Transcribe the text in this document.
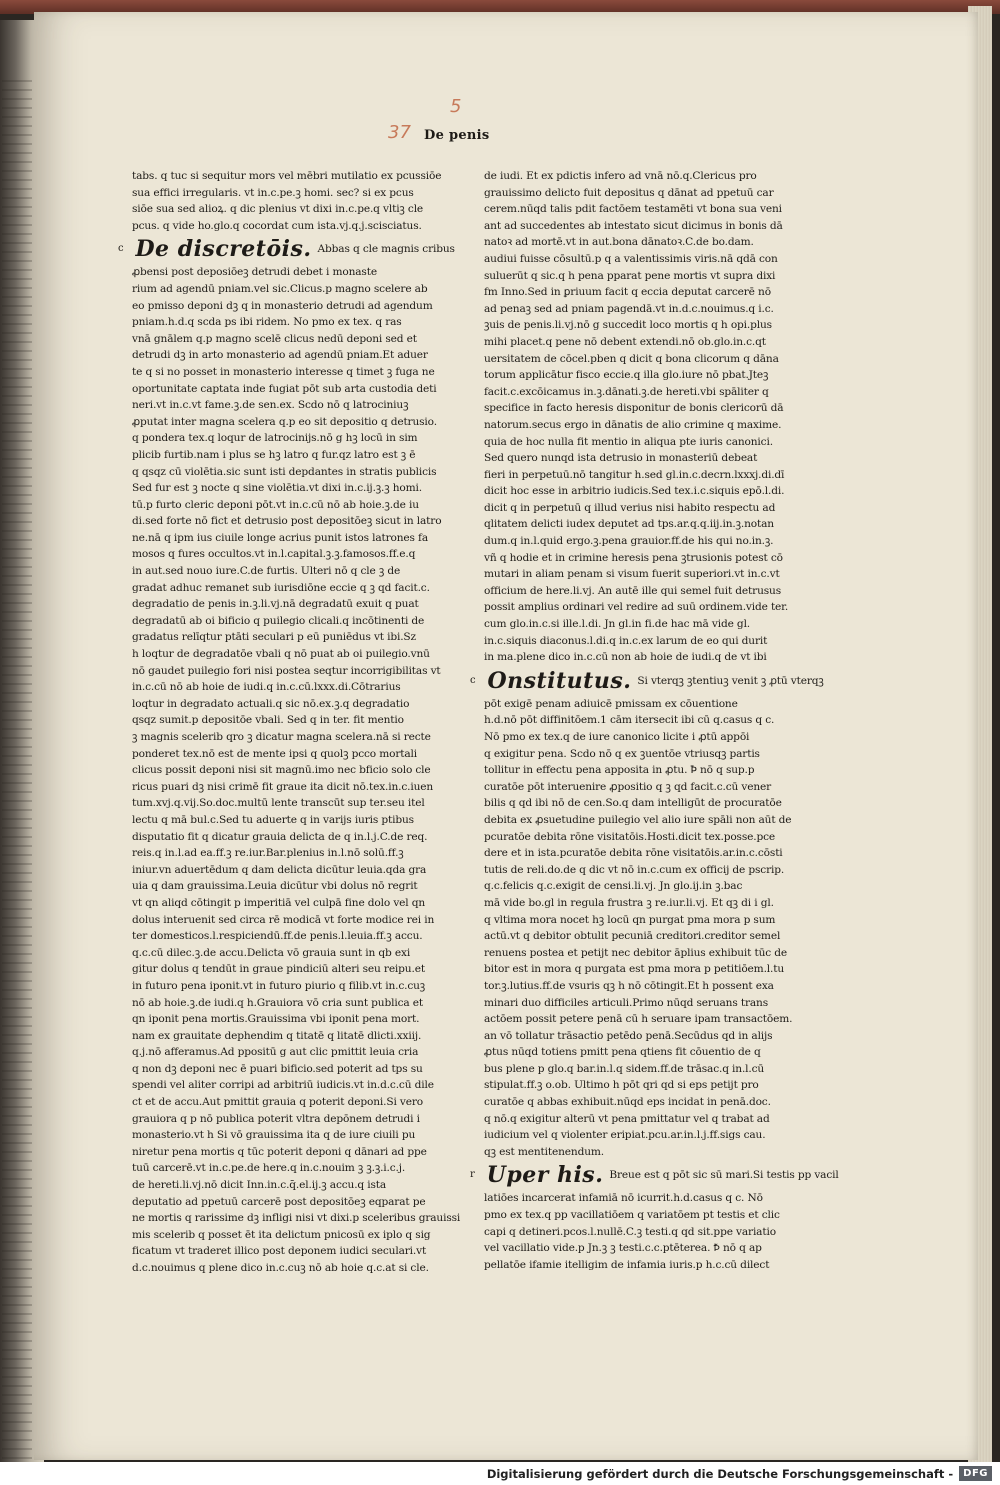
37
5
De penis
tabs. q tuc si sequitur mors vel mēbri mutilatio ex pcussiōe
sua effici irregularis. vt in.c.pe.ꝫ homi. sec? si ex pcus
siōe sua sed alioꝝ. q dic plenius vt dixi in.c.pe.q vltiꝫ cle
pcus. q vide ho.glo.q cocordat cum ista.vj.q.j.scisciatus.
c De discretōis. Abbas q cle magnis cribus
ꝓbensi post deposiōeꝫ detrudi debet i monaste
rium ad agendū pniam.vel sic.Clicus.p magno scelere ab
eo pmisso deponi dꝫ q in monasterio detrudi ad agendum
pniam.h.d.q scda ps ibi ridem. No pmo ex tex. q ras
vnā gnālem q.p magno scelē clicus nedū deponi sed et
detrudi dꝫ in arto monasterio ad agendū pniam.Et aduer
te q si no posset in monasterio interesse q timet ꝫ fuga ne
oportunitate captata inde fugiat pōt sub arta custodia deti
neri.vt in.c.vt fame.ꝫ.de sen.ex. Scdo nō q latrociniuꝫ
ꝓputat inter magna scelera q.p eo sit depositio q detrusio.
q pondera tex.q loqur de latrocinijs.nō g hꝫ locū in sim
plicib furtib.nam i plus se hꝫ latro q fur.qz latro est ꝫ ē
q qsqz cū violētia.sic sunt isti depdantes in stratis publicis
Sed fur est ꝫ nocte q sine violētia.vt dixi in.c.ij.ꝫ.ꝫ homi.
tū.p furto cleric deponi pōt.vt in.c.cū nō ab hoie.ꝫ.de iu
di.sed forte nō fict et detrusio post depositōeꝫ sicut in latro
ne.nā q ipm ius ciuile longe acrius punit istos latrones fa
mosos q fures occultos.vt in.l.capital.ꝫ.ꝫ.famosos.ff.e.q
in aut.sed nouo iure.C.de furtis. Ulteri nō q cle ꝫ de
gradat adhuc remanet sub iurisdiōne eccie q ꝫ qd facit.c.
degradatio de penis in.ꝫ.li.vj.nā degradatū exuit q puat
degradatū ab oi bificio q puilegio clicali.q incōtinenti de
gradatus relīqtur ptāti seculari p eū puniēdus vt ibi.Sz
h loqtur de degradatōe vbali q nō puat ab oi puilegio.vnū
nō gaudet puilegio fori nisi postea seqtur incorrigibilitas vt
in.c.cū nō ab hoie de iudi.q in.c.cū.lxxx.di.Cōtrarius
loqtur in degradato actuali.q sic nō.ex.ꝫ.q degradatio
qsqz sumit.p depositōe vbali. Sed q in ter. fit mentio
ꝫ magnis scelerib qro ꝫ dicatur magna scelera.nā si recte
ponderet tex.nō est de mente ipsi q quolꝫ pcco mortali
clicus possit deponi nisi sit magnū.imo nec bficio solo cle
ricus puari dꝫ nisi crimē fit graue ita dicit nō.tex.in.c.iuen
tum.xvj.q.vij.So.doc.multū lente transcūt sup ter.seu itel
lectu q mā bul.c.Sed tu aduerte q in varijs iuris ptibus
disputatio fit q dicatur grauia delicta de q in.l.j.C.de req.
reis.q in.l.ad ea.ff.ꝫ re.iur.Bar.plenius in.l.nō solū.ff.ꝫ
iniur.vn aduertēdum q dam delicta dicūtur leuia.qda gra
uia q dam grauissima.Leuia dicūtur vbi dolus nō regrit
vt qn aliqd cōtingit p imperitiā vel culpā fine dolo vel qn
dolus interuenit sed circa rē modicā vt forte modice rei in
ter domesticos.l.respiciendū.ff.de penis.l.leuia.ff.ꝫ accu.
q.c.cū dilec.ꝫ.de accu.Delicta vō grauia sunt in qb exi
gitur dolus q tendūt in graue pindiciū alteri seu reipu.et
in futuro pena iponit.vt in futuro piurio q filib.vt in.c.cuꝫ
nō ab hoie.ꝫ.de iudi.q h.Grauiora vō cria sunt publica et
qn iponit pena mortis.Grauissima vbi iponit pena mort.
nam ex grauitate dephendim q titatē q litatē dlicti.xxiij.
q.j.nō afferamus.Ad ppositū g aut clic pmittit leuia cria
q non dꝫ deponi nec ē puari bificio.sed poterit ad tps su
spendi vel aliter corripi ad arbitriū iudicis.vt in.d.c.cū dile
ct et de accu.Aut pmittit grauia q poterit deponi.Si vero
grauiora q p nō publica poterit vltra depōnem detrudi i
monasterio.vt h Si vō grauissima ita q de iure ciuili pu
niretur pena mortis q tūc poterit deponi q dānari ad ppe
tuū carcerē.vt in.c.pe.de here.q in.c.nouim ꝫ ꝫ.ꝫ.i.c.j.
de hereti.li.vj.nō dicit Inn.in.c.q̄.el.ij.ꝫ accu.q ista
deputatio ad ppetuū carcerē post depositōeꝫ eqparat pe
ne mortis q rarissime dꝫ infligi nisi vt dixi.p sceleribus grauissi
mis scelerib q posset ēt ita delictum pnicosū ex iplo q sig
ficatum vt traderet illico post deponem iudici seculari.vt
d.c.nouimus q plene dico in.c.cuꝫ nō ab hoie q.c.at si cle.
de iudi. Et ex pdictis infero ad vnā nō.q.Clericus pro
grauissimo delicto fuit depositus q dānat ad ppetuū car
cerem.nūqd talis pdit factōem testamēti vt bona sua veni
ant ad succedentes ab intestato sicut dicimus in bonis dā
natoꝛ ad mortē.vt in aut.bona dānatoꝛ.C.de bo.dam.
audiui fuisse cōsultū.p q a valentissimis viris.nā qdā con
suluerūt q sic.q h pena pparat pene mortis vt supra dixi
fm Inno.Sed in ꝑriuum facit q eccia deputat carcerē nō
ad penaꝫ sed ad pniam pagendā.vt in.d.c.nouimus.q i.c.
ꝫuis de penis.li.vj.nō g succedit loco mortis q h opi.plus
mihi placet.q pene nō debent extendi.nō ob.glo.in.c.qt
uersitatem de cōcel.pben q dicit q bona clicorum q dāna
torum applicātur fisco eccie.q illa glo.iure nō pbat.Jteꝫ
facit.c.excōicamus in.ꝫ.dānati.ꝫ.de hereti.vbi spāliter q
specifice in facto heresis disponitur de bonis clericorū dā
natorum.secus ergo in dānatis de alio crimine q maxime.
quia de hoc nulla fit mentio in aliqua pte iuris canonici.
Sed quero nunqd ista detrusio in monasteriū debeat
fieri in perpetuū.nō tangitur h.sed gl.in.c.decrn.lxxxj.di.dī
dicit hoc esse in arbitrio iudicis.Sed tex.i.c.siquis epō.l.di.
dicit q in perpetuū q illud verius nisi habito respectu ad
qlitatem delicti iudex deputet ad tps.ar.q.q.iij.in.ꝫ.notan
dum.q in.l.quid ergo.ꝫ.pena grauior.ff.de his qui no.in.ꝫ.
vñ q hodie et in crimine heresis pena ꝫtrusionis potest cō
mutari in aliam penam si visum fuerit superiori.vt in.c.vt
officium de here.li.vj. An autē ille qui semel fuit detrusus
possit amplius ordinari vel redire ad suū ordinem.vide ter.
cum glo.in.c.si ille.l.di. Jn gl.in fi.de hac mā vide gl.
in.c.siquis diaconus.l.di.q in.c.ex larum de eo qui durit
in ma.plene dico in.c.cū non ab hoie de iudi.q de vt ibi
c Onstitutus. Si vterqꝫ ꝫtentiuꝫ venit ꝫ ꝓtū vterqꝫ
pōt exigē penam adiuicē pmissam ex cōuentione
h.d.nō pōt diffinitōem.1 cām itersecit ibi cū q.casus q c.
Nō pmo ex tex.q de iure canonico licite i ꝓtū appōi
q exigitur pena. Scdo nō q ex ꝫuentōe vtriusqꝫ partis
tollitur in effectu pena apposita in ꝓtu. Ꝥ nō q sup.p
curatōe pōt interuenire ꝓpositio q ꝫ qd facit.c.cū vener
bilis q qd ibi nō de cen.So.q dam intelligūt de procuratōe
debita ex ꝓsuetudine puilegio vel alio iure spāli non aūt de
pcuratōe debita rōne visitatōis.Hosti.dicit tex.posse.pce
dere et in ista.pcuratōe debita rōne visitatōis.ar.in.c.cōsti
tutis de reli.do.de q dic vt nō in.c.cum ex officij de pscrip.
q.c.felicis q.c.exigit de censi.li.vj. Jn glo.ij.in ꝫ.bac
mā vide bo.gl in regula frustra ꝫ re.iur.li.vj. Et qꝫ di i gl.
q vltima mora nocet hꝫ locū qn purgat pma mora p sum
actū.vt q debitor obtulit pecuniā creditori.creditor semel
renuens postea et petijt nec debitor āplius exhibuit tūc de
bitor est in mora q purgata est pma mora p petitiōem.l.tu
tor.ꝫ.lutius.ff.de vsuris qꝫ h nō cōtingit.Et h possent exa
minari duo difficiles articuli.Primo nūqd seruans trans
actōem possit petere penā cū h seruare ipam transactōem.
an vō tollatur trāsactio petēdo penā.Secūdus qd in alijs
ꝓtus nūqd totiens pmitt pena qtiens fit cōuentio de q
bus plene p glo.q bar.in.l.q sidem.ff.de trāsac.q in.l.cū
stipulat.ff.ꝫ o.ob. Ultimo h pōt qri qd si eps petijt pro
curatōe q abbas exhibuit.nūqd eps incidat in penā.doc.
q nō.q exigitur alterū vt pena pmittatur vel q trabat ad
iudicium vel q violenter eripiat.pcu.ar.in.l.j.ff.sigs cau.
qꝫ est mentitenendum.
r Uper his. Breue est q pōt sic sū mari.Si testis pp vacil
latiōes incarcerat infamiā nō icurrit.h.d.casus q c. Nō
pmo ex tex.q pp vacillatiōem q variatōem pt testis et clic
capi q detineri.pcos.l.nullē.C.ꝫ testi.q qd sit.ppe variatio
vel vacillatio vide.p Jn.ꝫ ꝫ testi.c.c.ptēterea. Ꝥ nō q ap
pellatōe ifamie itelligim de infamia iuris.p h.c.cū dilect
Digitalisierung gefördert durch die Deutsche Forschungsgemeinschaft -	DFG
